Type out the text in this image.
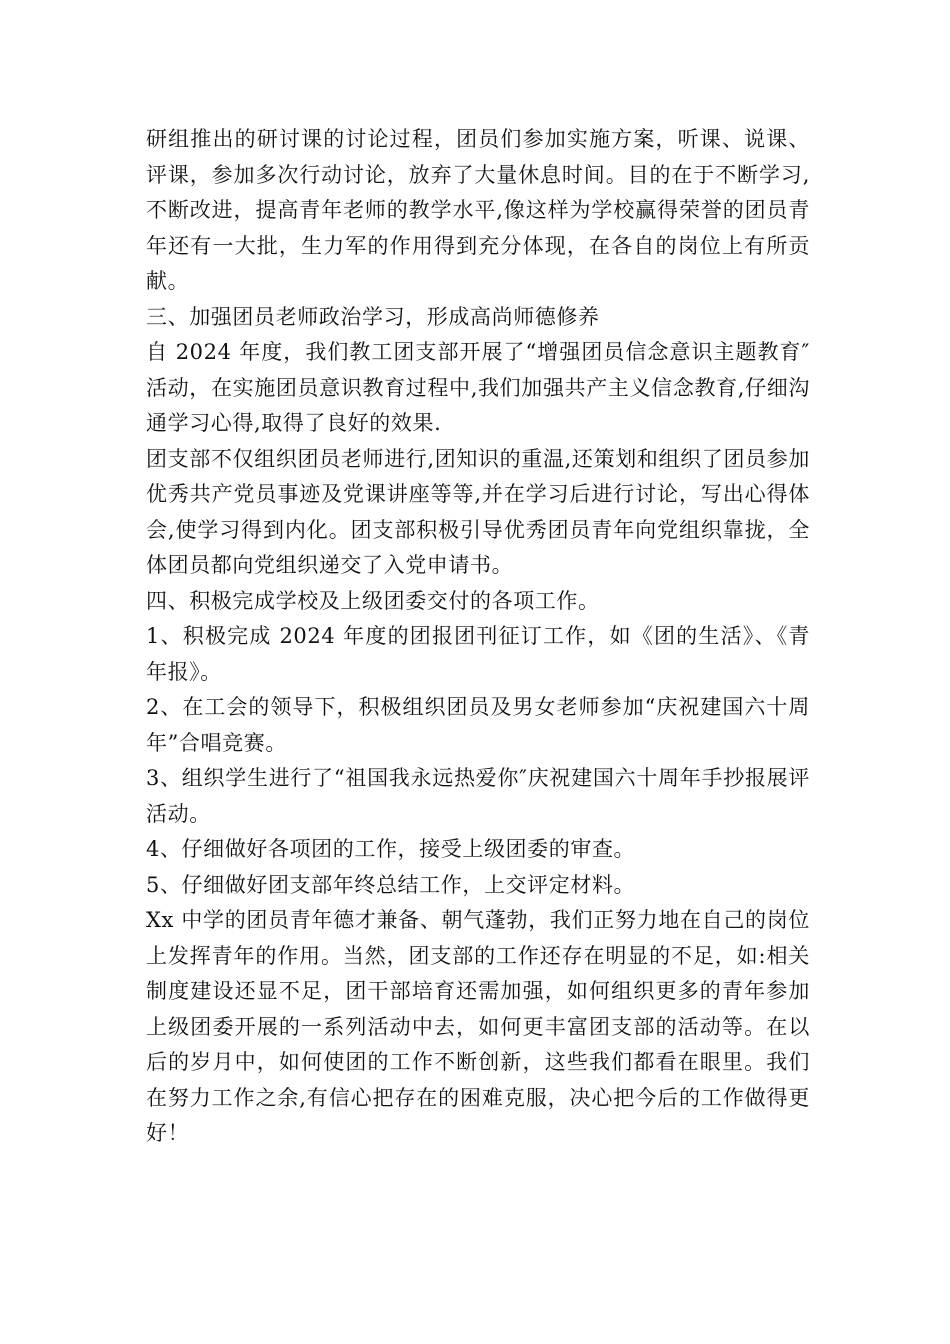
研组推出的研讨课的讨论过程，团员们参加实施方案，听课、说课、评课，参加多次行动讨论，放弃了大量休息时间。目的在于不断学习,不断改进，提高青年老师的教学水平,像这样为学校赢得荣誉的团员青年还有一大批，生力军的作用得到充分体现，在各自的岗位上有所贡献。

三、加强团员老师政治学习，形成高尚师德修养

自 2024 年度，我们教工团支部开展了“增强团员信念意识主题教育″ 活动，在实施团员意识教育过程中,我们加强共产主义信念教育,仔细沟通学习心得,取得了良好的效果.

团支部不仅组织团员老师进行,团知识的重温,还策划和组织了团员参加优秀共产党员事迹及党课讲座等等,并在学习后进行讨论，写出心得体会,使学习得到内化。团支部积极引导优秀团员青年向党组织靠拢，全体团员都向党组织递交了入党申请书。

四、积极完成学校及上级团委交付的各项工作。

1、积极完成 2024 年度的团报团刊征订工作，如《团的生活》、《青年报》。

2、在工会的领导下，积极组织团员及男女老师参加“庆祝建国六十周年”合唱竞赛。

3、组织学生进行了“祖国我永远热爱你″庆祝建国六十周年手抄报展评活动。

4、仔细做好各项团的工作，接受上级团委的审查。

5、仔细做好团支部年终总结工作，上交评定材料。

Xx 中学的团员青年德才兼备、朝气蓬勃，我们正努力地在自己的岗位上发挥青年的作用。当然，团支部的工作还存在明显的不足，如:相关制度建设还显不足，团干部培育还需加强，如何组织更多的青年参加上级团委开展的一系列活动中去，如何更丰富团支部的活动等。在以后的岁月中，如何使团的工作不断创新，这些我们都看在眼里。我们在努力工作之余,有信心把存在的困难克服，决心把今后的工作做得更好！
